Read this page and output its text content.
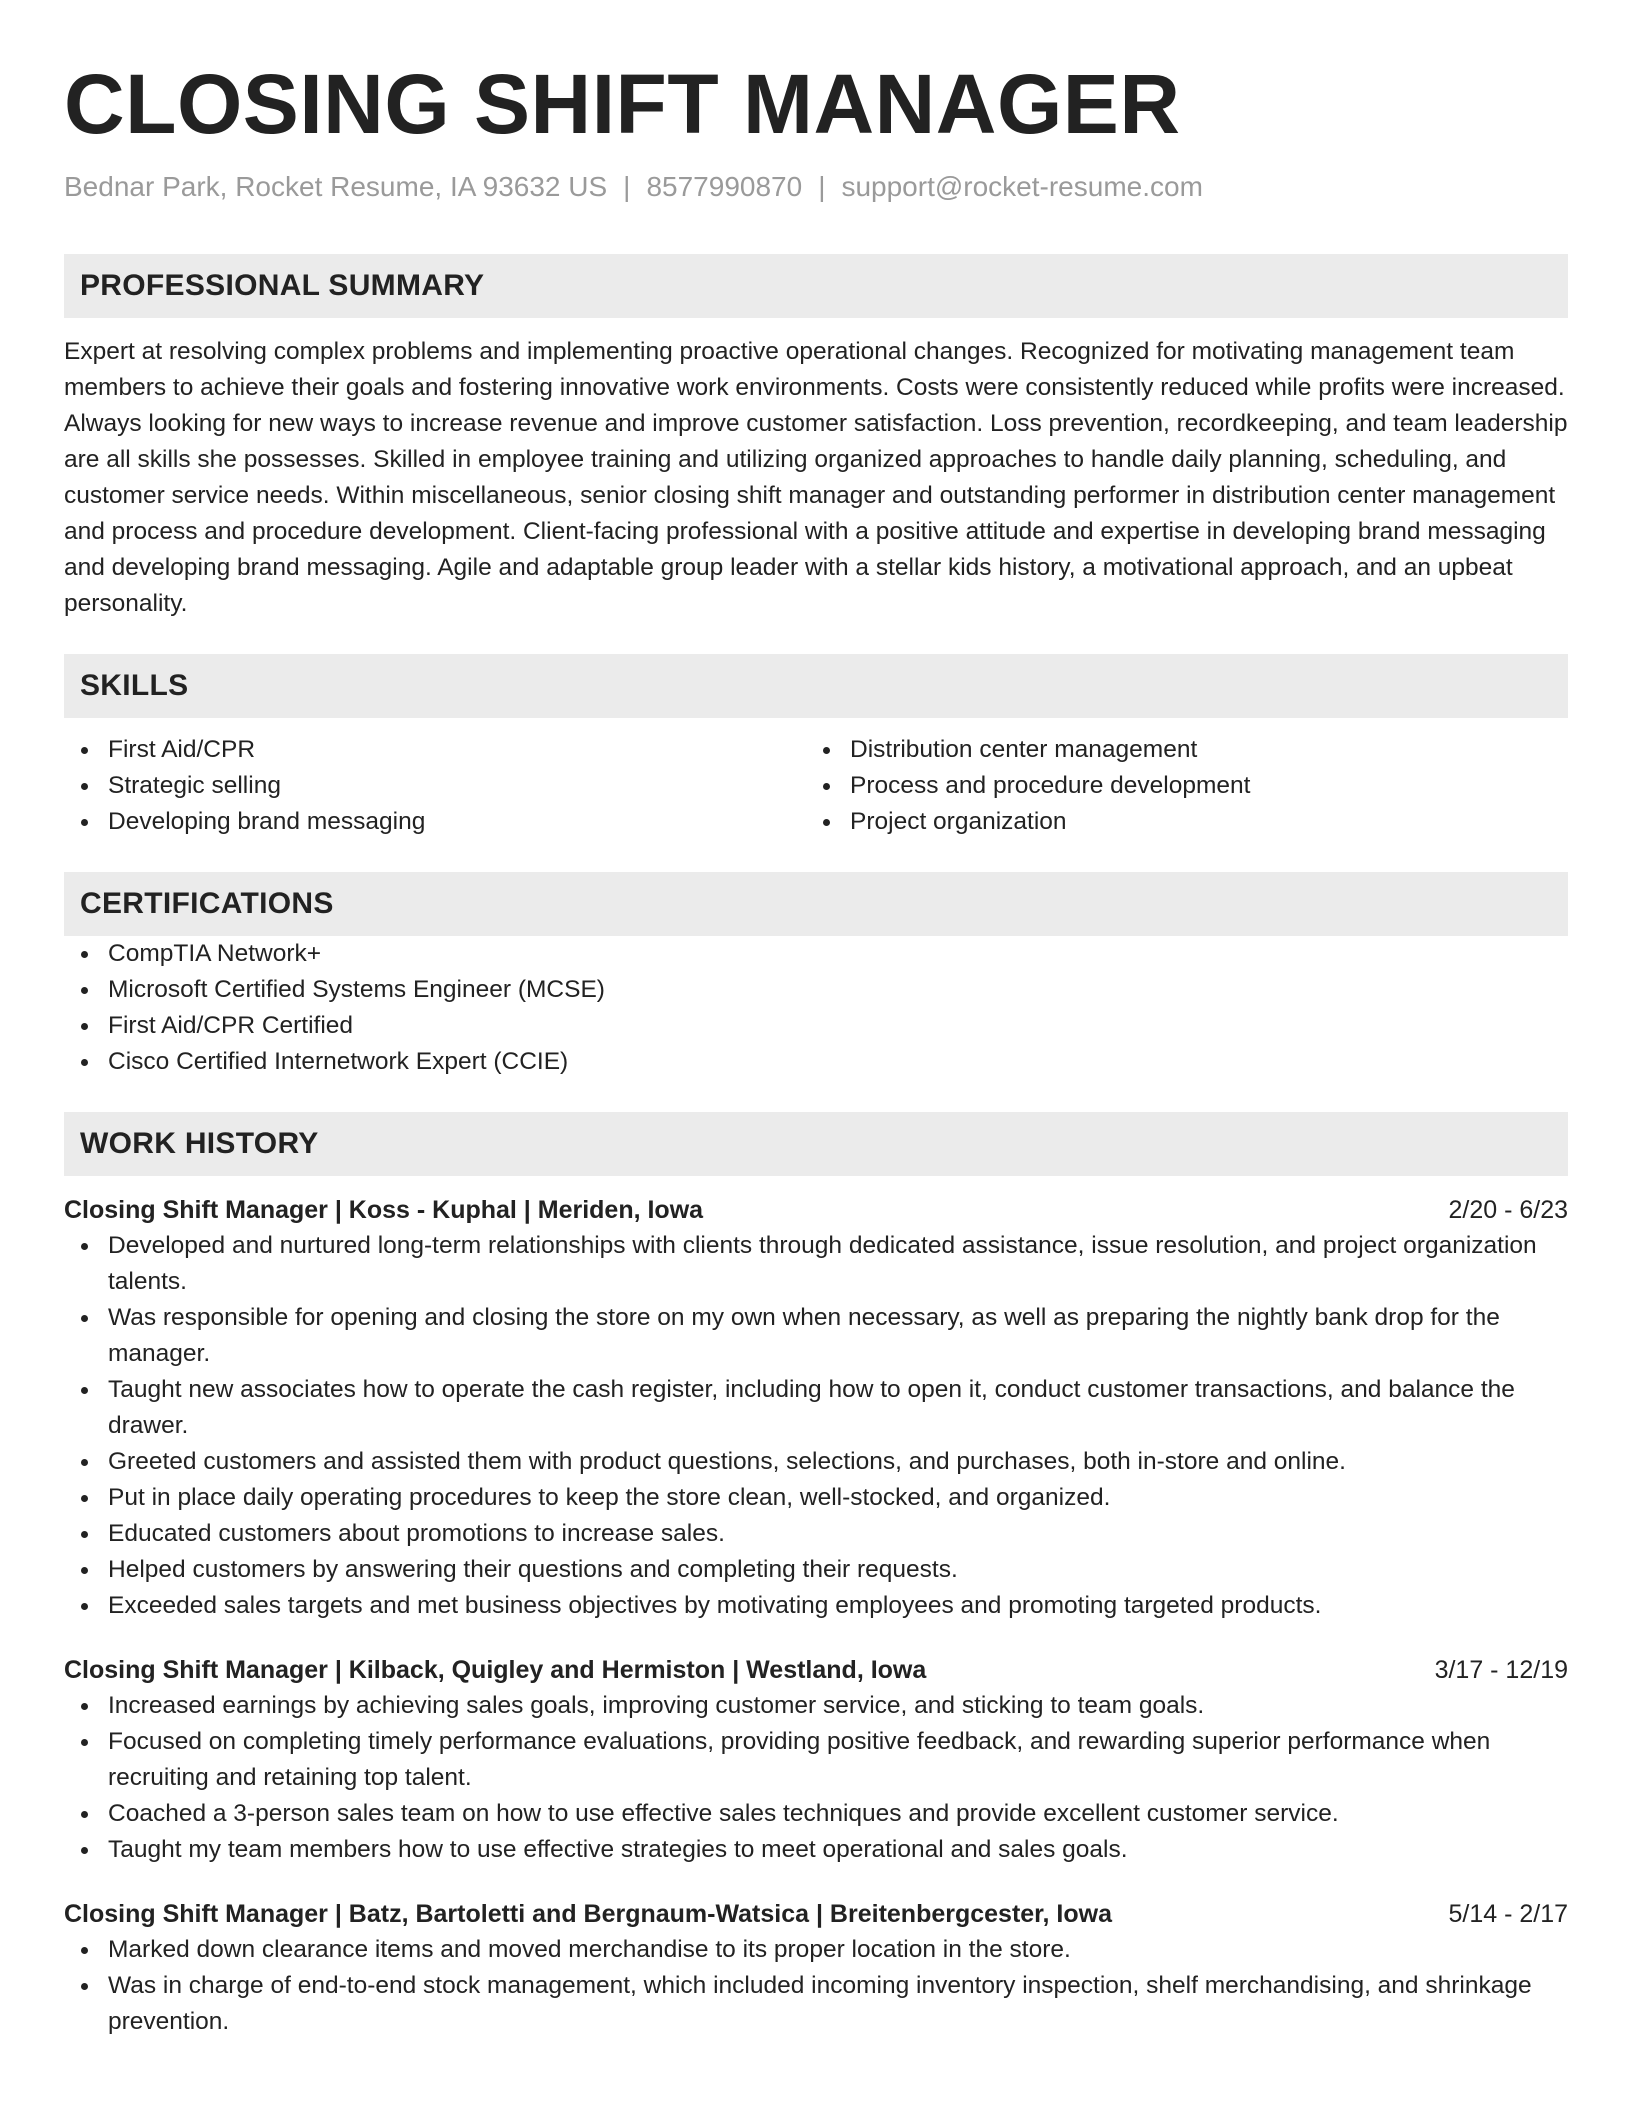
CLOSING SHIFT MANAGER
Bednar Park, Rocket Resume, IA 93632 US | 8577990870 | support@rocket-resume.com
PROFESSIONAL SUMMARY
Expert at resolving complex problems and implementing proactive operational changes. Recognized for motivating management team members to achieve their goals and fostering innovative work environments. Costs were consistently reduced while profits were increased. Always looking for new ways to increase revenue and improve customer satisfaction. Loss prevention, recordkeeping, and team leadership are all skills she possesses. Skilled in employee training and utilizing organized approaches to handle daily planning, scheduling, and customer service needs. Within miscellaneous, senior closing shift manager and outstanding performer in distribution center management and process and procedure development. Client-facing professional with a positive attitude and expertise in developing brand messaging and developing brand messaging. Agile and adaptable group leader with a stellar kids history, a motivational approach, and an upbeat personality.
SKILLS
First Aid/CPR
Strategic selling
Developing brand messaging
Distribution center management
Process and procedure development
Project organization
CERTIFICATIONS
CompTIA Network+
Microsoft Certified Systems Engineer (MCSE)
First Aid/CPR Certified
Cisco Certified Internetwork Expert (CCIE)
WORK HISTORY
Closing Shift Manager | Koss - Kuphal | Meriden, Iowa	2/20 - 6/23
Developed and nurtured long-term relationships with clients through dedicated assistance, issue resolution, and project organization talents.
Was responsible for opening and closing the store on my own when necessary, as well as preparing the nightly bank drop for the manager.
Taught new associates how to operate the cash register, including how to open it, conduct customer transactions, and balance the drawer.
Greeted customers and assisted them with product questions, selections, and purchases, both in-store and online.
Put in place daily operating procedures to keep the store clean, well-stocked, and organized.
Educated customers about promotions to increase sales.
Helped customers by answering their questions and completing their requests.
Exceeded sales targets and met business objectives by motivating employees and promoting targeted products.
Closing Shift Manager | Kilback, Quigley and Hermiston | Westland, Iowa	3/17 - 12/19
Increased earnings by achieving sales goals, improving customer service, and sticking to team goals.
Focused on completing timely performance evaluations, providing positive feedback, and rewarding superior performance when recruiting and retaining top talent.
Coached a 3-person sales team on how to use effective sales techniques and provide excellent customer service.
Taught my team members how to use effective strategies to meet operational and sales goals.
Closing Shift Manager | Batz, Bartoletti and Bergnaum-Watsica | Breitenbergcester, Iowa	5/14 - 2/17
Marked down clearance items and moved merchandise to its proper location in the store.
Was in charge of end-to-end stock management, which included incoming inventory inspection, shelf merchandising, and shrinkage prevention.
